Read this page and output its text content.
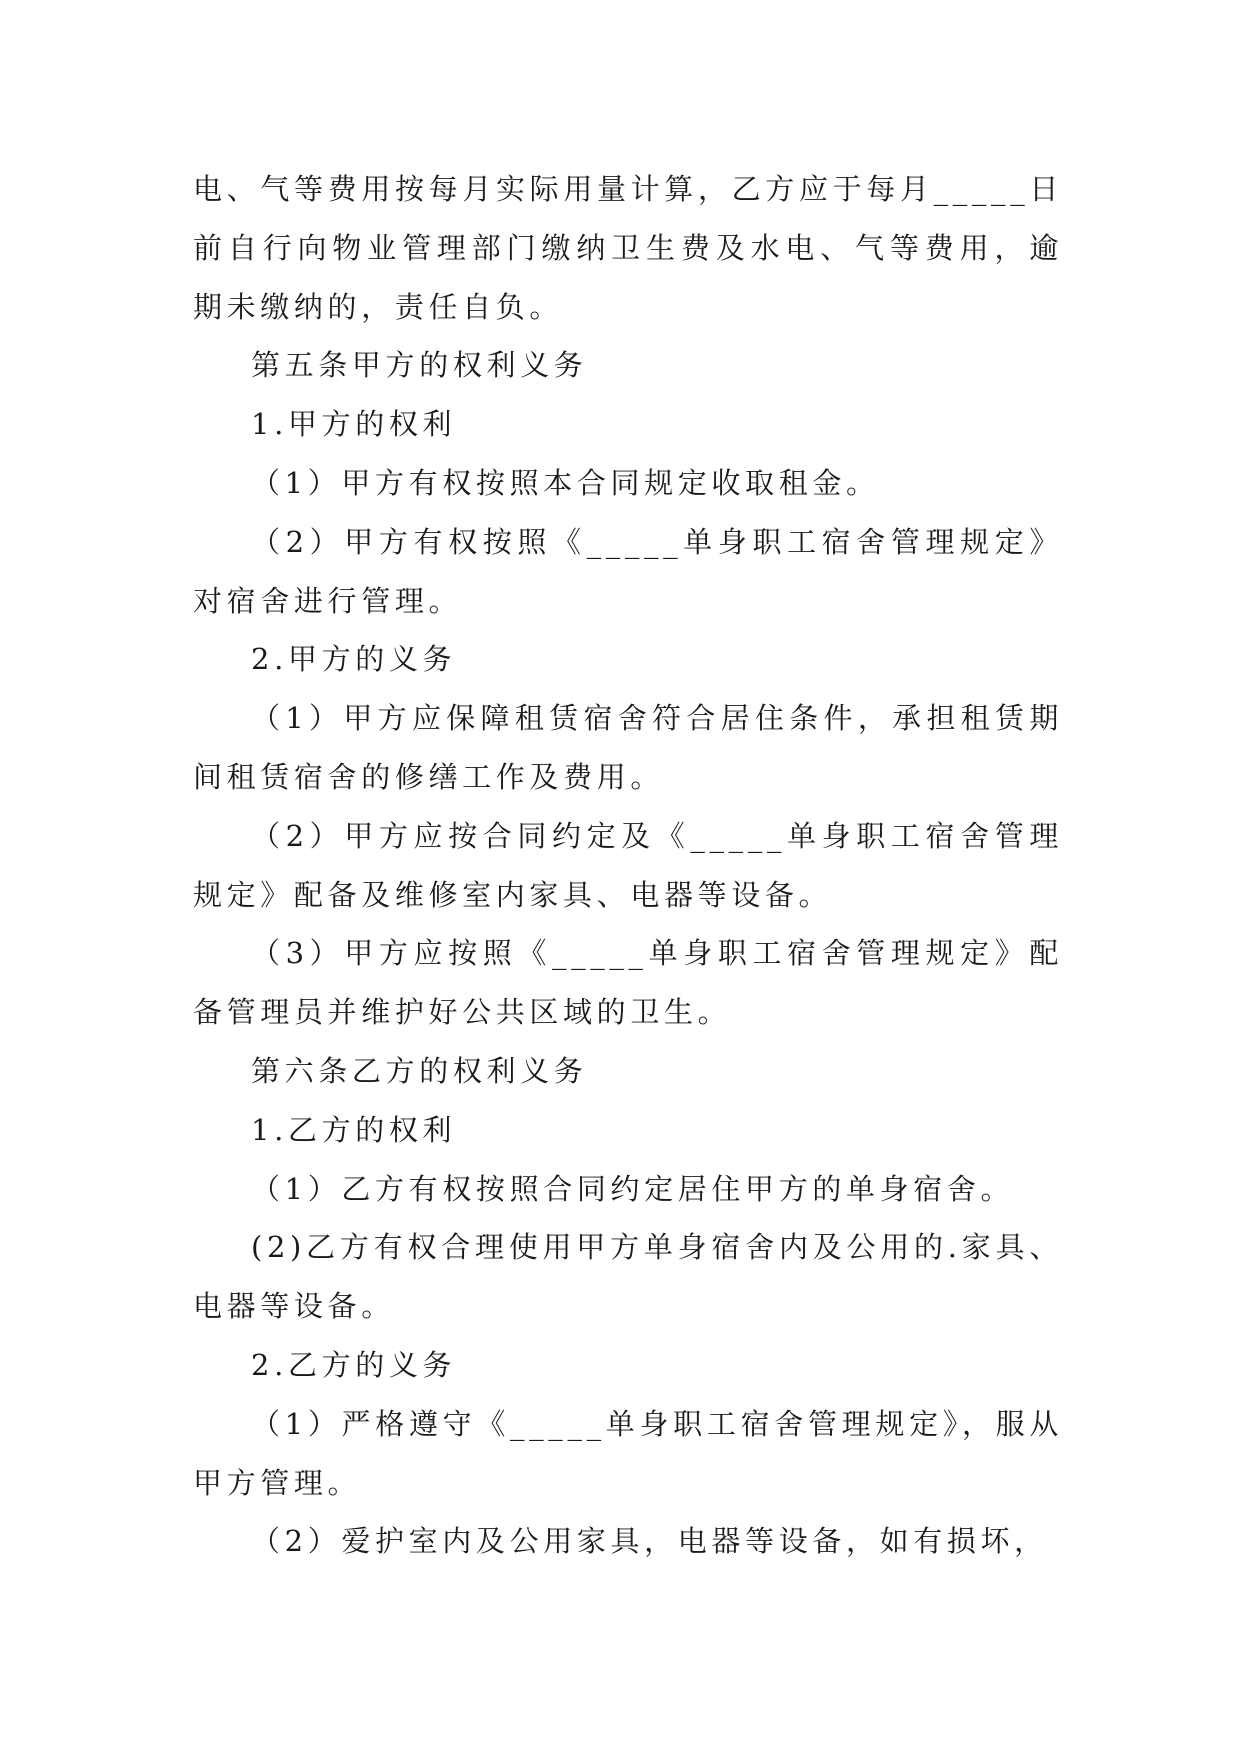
电、气等费用按每月实际用量计算，乙方应于每月_____日前自行向物业管理部门缴纳卫生费及水电、气等费用，逾期未缴纳的，责任自负。

第五条甲方的权利义务

1.甲方的权利

（1）甲方有权按照本合同规定收取租金。

（2）甲方有权按照《_____单身职工宿舍管理规定》对宿舍进行管理。

2.甲方的义务

（1）甲方应保障租赁宿舍符合居住条件，承担租赁期间租赁宿舍的修缮工作及费用。

（2）甲方应按合同约定及《_____单身职工宿舍管理规定》配备及维修室内家具、电器等设备。

（3）甲方应按照《_____单身职工宿舍管理规定》配备管理员并维护好公共区域的卫生。

第六条乙方的权利义务

1.乙方的权利

（1）乙方有权按照合同约定居住甲方的单身宿舍。

(2)乙方有权合理使用甲方单身宿舍内及公用的.家具、电器等设备。

2.乙方的义务

（1）严格遵守《_____单身职工宿舍管理规定》，服从甲方管理。

（2）爱护室内及公用家具，电器等设备，如有损坏，
